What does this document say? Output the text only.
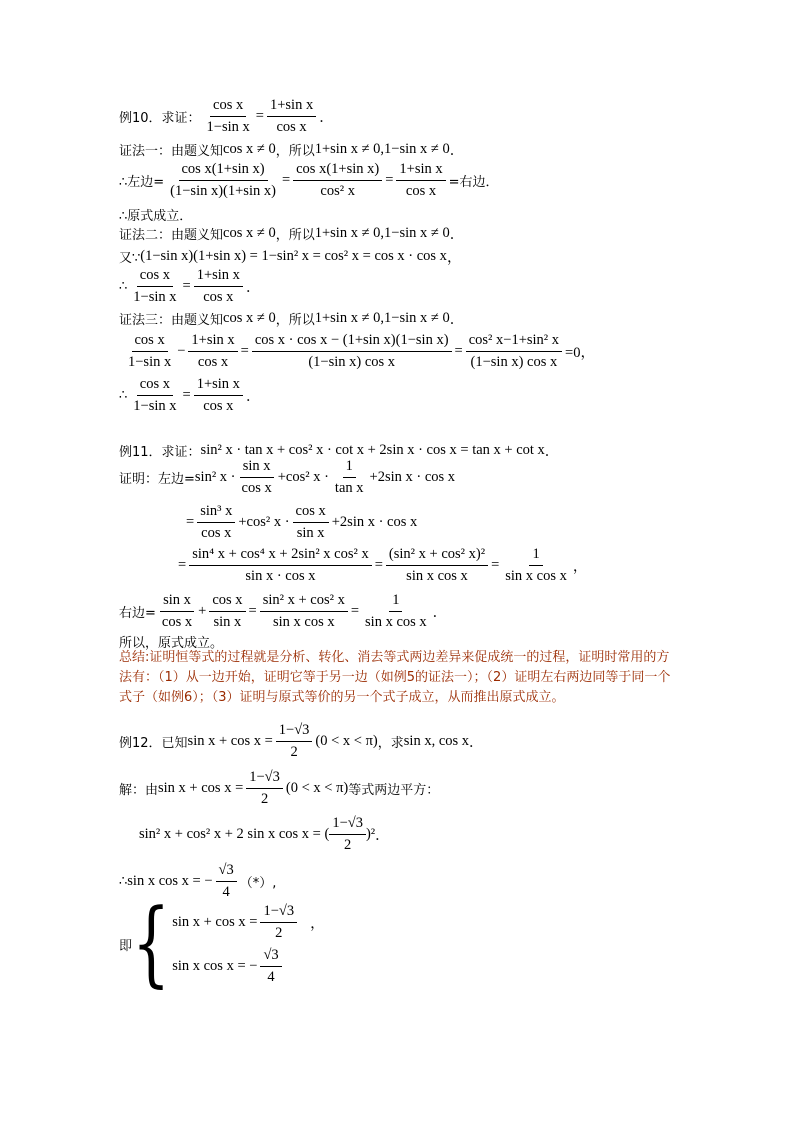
例10．求证： $\frac{\text{cos x}}{\text{1−sin x}} = \frac{\text{1+sin x}}{\text{cos x}}$ ．
证法一： 由题义知 cos x ≠ 0 ，所以 1+sin x ≠ 0,1−sin x ≠ 0 ．
∴左边= $\frac{\text{cos x(1+sin x)}}{\text{(1−sin x)(1+sin x)}} = \frac{\text{cos x(1+sin x)}}{\text{cos² x}} = \frac{\text{1+sin x}}{\text{cos x}}$ =右边．
∴原式成立．
证法二： 由题义知 cos x ≠ 0 ，所以 1+sin x ≠ 0,1−sin x ≠ 0 ．
又∵ (1−sin x)(1+sin x) = 1−sin² x = cos² x = cos x · cos x ，
∴ $\frac{\text{cos x}}{\text{1−sin x}} = \frac{\text{1+sin x}}{\text{cos x}}$ ．
证法三： 由题义知 cos x ≠ 0 ，所以 1+sin x ≠ 0,1−sin x ≠ 0 ．
$\frac{\text{cos x}}{\text{1−sin x}} - \frac{\text{1+sin x}}{\text{cos x}} = \frac{\text{cos x · cos x − (1+sin x)(1−sin x)}}{\text{(1−sin x) cos x}} = \frac{\text{cos² x−1+sin² x}}{\text{(1−sin x) cos x}} =0$，
∴ $\frac{\text{cos x}}{\text{1−sin x}} = \frac{\text{1+sin x}}{\text{cos x}}$ ．
例11．求证： sin² x · tan x + cos² x · cot x + 2sin x · cos x = tan x + cot x ．
证明：左边= sin² $x \cdot \frac{\text{sin x}}{\text{cos x}} +\cos^2$ $x \cdot \frac{1}{\text{tan x}} +2\sin$ x · cos x
= $\frac{\text{sin³ x}}{\text{cos x}} +\cos^2$ $x \cdot \frac{\text{cos x}}{\text{sin x}} +2\sin$ x · cos x
= $\frac{\text{sin⁴ x + cos⁴ x + 2sin² x cos² x}}{\text{sin x · cos x}} = \frac{\text{(sin² x + cos² x)²}}{\text{sin x cos x}} = \frac{1}{\text{sin x cos x}}$ ，
右边= $\frac{\text{sin x}}{\text{cos x}} + \frac{\text{cos x}}{\text{sin x}} = \frac{\text{sin² x + cos² x}}{\text{sin x cos x}} = \frac{1}{\text{sin x cos x}}$ ．
所以，原式成立。
总结:证明恒等式的过程就是分析、转化、消去等式两边差异来促成统一的过程，证明时常用的方法有：（1）从一边开始，证明它等于另一边（如例5的证法一）；（2）证明左右两边同等于同一个式子（如例6）；（3）证明与原式等价的另一个式子成立，从而推出原式成立。
例12．已知 $\sin x + \cos x = \frac{1-√3}{2} (0 < x < \pi)$ ，求 sin x, cos x ．
解：由 $\sin x + \cos x = \frac{1-√3}{2} (0 < x < \pi)$ 等式两边平方：
sin² x + cos² x + 2 sin x cos x = ( $\frac{1-√3}{2} )^2$ ．
∴ sin x cos x = − $\frac{√3}{4}$ （*）,
即 { $\sin x + \cos x = \frac{1-√3}{2}$ ，
sin x cos x = − $\frac{√3}{4}$
